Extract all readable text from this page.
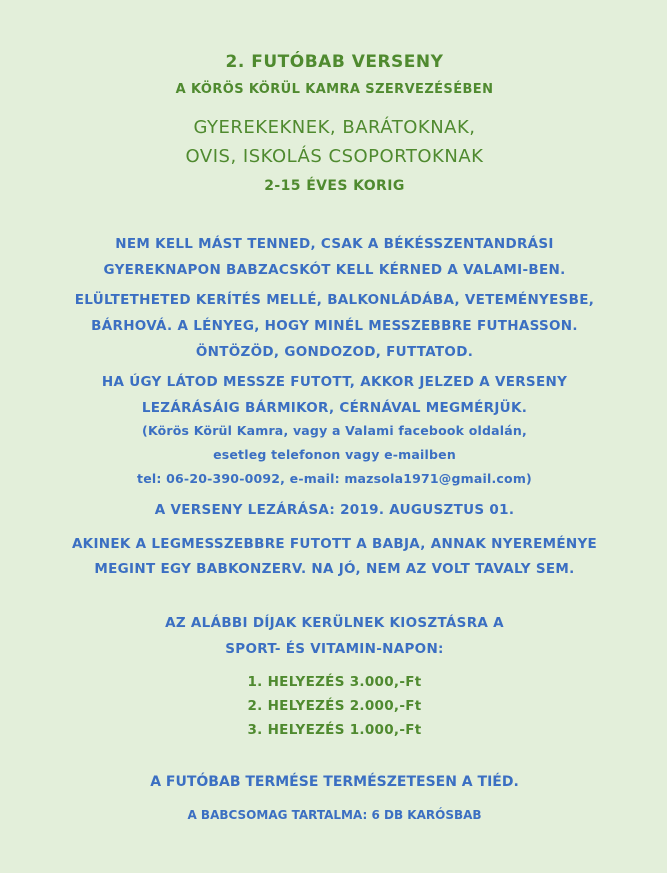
2. FUTÓBAB VERSENY
A KÖRÖS KÖRÜL KAMRA SZERVEZÉSÉBEN
GYEREKEKNEK, BARÁTOKNAK,
OVIS, ISKOLÁS CSOPORTOKNAK
2-15 ÉVES KORIG
NEM KELL MÁST TENNED, CSAK A BÉKÉSSZENTANDRÁSI
GYEREKNAPON BABZACSKÓT KELL KÉRNED A VALAMI-BEN.
ELÜLTETHETED KERÍTÉS MELLÉ, BALKONLÁDÁBA, VETEMÉNYESBE,
BÁRHOVÁ. A LÉNYEG, HOGY MINÉL MESSZEBBRE FUTHASSON.
ÖNTÖZÖD, GONDOZOD, FUTTATOD.
HA ÚGY LÁTOD MESSZE FUTOTT, AKKOR JELZED A VERSENY
LEZÁRÁSÁIG BÁRMIKOR, CÉRNÁVAL MEGMÉRJÜK.
(Körös Körül Kamra, vagy a Valami facebook oldalán,
esetleg telefonon vagy e-mailben
tel: 06-20-390-0092, e-mail: mazsola1971@gmail.com)
A VERSENY LEZÁRÁSA: 2019. AUGUSZTUS 01.
AKINEK A LEGMESSZEBBRE FUTOTT A BABJA, ANNAK NYEREMÉNYE
MEGINT EGY BABKONZERV. NA JÓ, NEM AZ VOLT TAVALY SEM.
AZ ALÁBBI DÍJAK KERÜLNEK KIOSZTÁSRA A
SPORT- ÉS VITAMIN-NAPON:
1. HELYEZÉS 3.000,-Ft
2. HELYEZÉS 2.000,-Ft
3. HELYEZÉS 1.000,-Ft
A FUTÓBAB TERMÉSE TERMÉSZETESEN A TIÉD.
A BABCSOMAG TARTALMA: 6 DB KARÓSBAB
